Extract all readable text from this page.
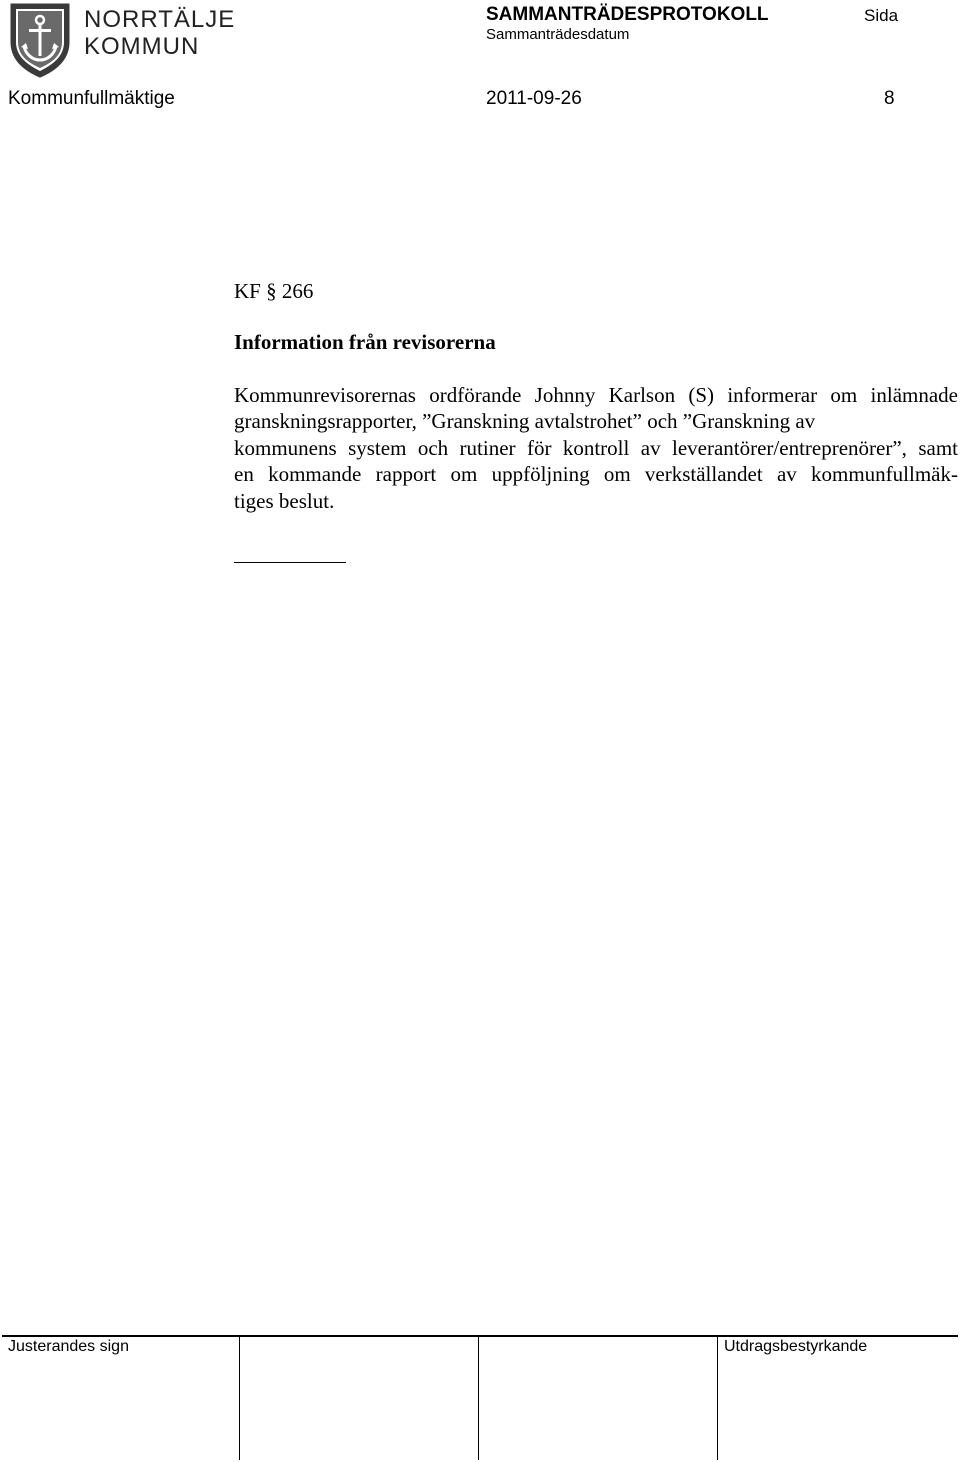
NORRTÄLJE
KOMMUN
SAMMANTRÄDESPROTOKOLL
Sammanträdesdatum
Sida
Kommunfullmäktige	2011-09-26	8
KF § 266
Information från revisorerna
Kommunrevisorernas ordförande Johnny Karlson (S) informerar om inlämnade
granskningsrapporter, ”Granskning avtalstrohet” och ”Granskning av
kommunens system och rutiner för kontroll av leverantörer/entreprenörer”, samt
en kommande rapport om uppföljning om verkställandet av kommunfullmäk-
tiges beslut.
Justerandes sign	Utdragsbestyrkande
